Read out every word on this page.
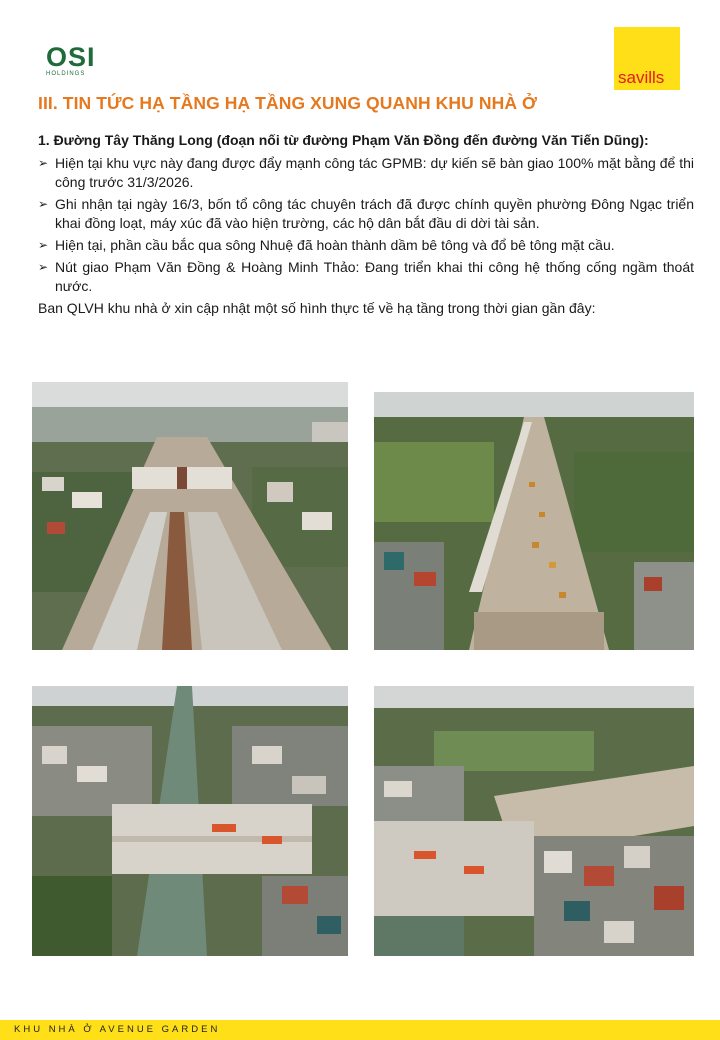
OSI
HOLDINGS	savills
III. TIN TỨC HẠ TẦNG HẠ TẦNG XUNG QUANH KHU NHÀ Ở
1. Đường Tây Thăng Long (đoạn nối từ đường Phạm Văn Đồng đến đường Văn Tiến Dũng):
➢ Hiện tại khu vực này đang được đẩy mạnh công tác GPMB: dự kiến sẽ bàn giao 100% mặt bằng để thi công trước 31/3/2026.
➢ Ghi nhận tại ngày 16/3, bốn tổ công tác chuyên trách đã được chính quyền phường Đông Ngạc triển khai đồng loạt, máy xúc đã vào hiện trường, các hộ dân bắt đầu di dời tài sản.
➢ Hiện tại, phần cầu bắc qua sông Nhuệ đã hoàn thành dầm bê tông và đổ bê tông mặt cầu.
➢ Nút giao Phạm Văn Đồng & Hoàng Minh Thảo: Đang triển khai thi công hệ thống cống ngầm thoát nước.
Ban QLVH khu nhà ở xin cập nhật một số hình thực tế về hạ tầng trong thời gian gần đây:
KHU NHÀ Ở AVENUE GARDEN
